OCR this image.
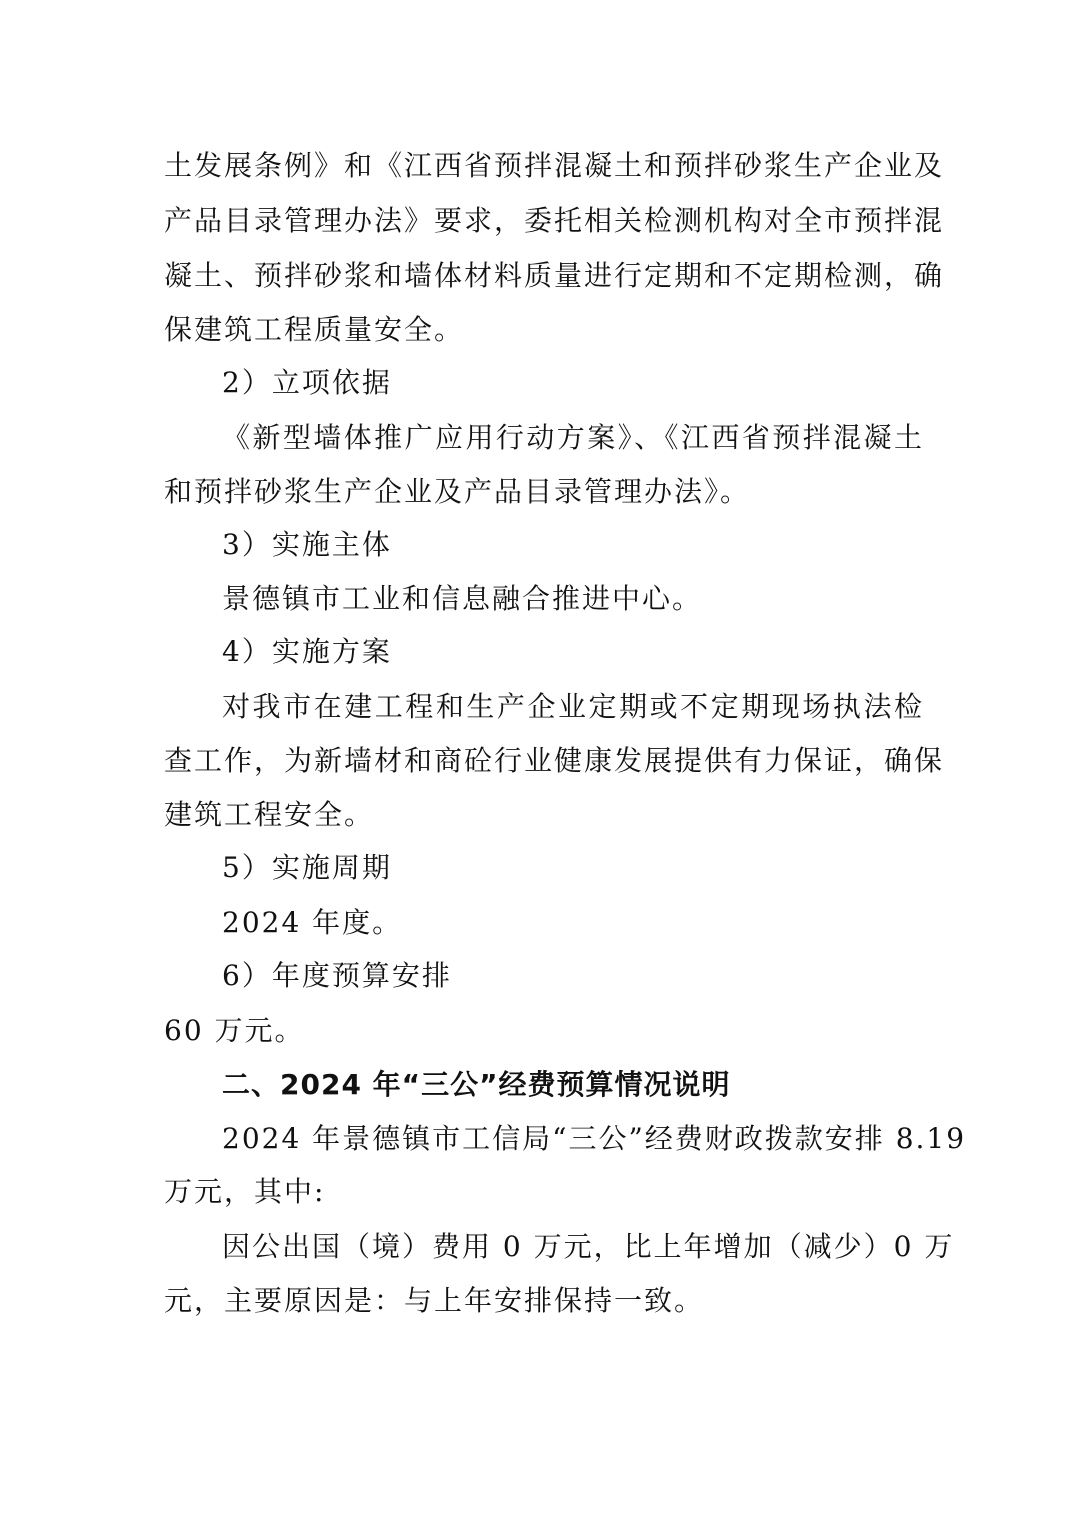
土发展条例》和《江西省预拌混凝土和预拌砂浆生产企业及
产品目录管理办法》要求，委托相关检测机构对全市预拌混
凝土、预拌砂浆和墙体材料质量进行定期和不定期检测，确
保建筑工程质量安全。
2）立项依据
《新型墙体推广应用行动方案》、《江西省预拌混凝土
和预拌砂浆生产企业及产品目录管理办法》。
3）实施主体
景德镇市工业和信息融合推进中心。
4）实施方案
对我市在建工程和生产企业定期或不定期现场执法检
查工作，为新墙材和商砼行业健康发展提供有力保证，确保
建筑工程安全。
5）实施周期
2024 年度。
6）年度预算安排
60 万元。
二、2024 年“三公”经费预算情况说明
2024 年景德镇市工信局“三公”经费财政拨款安排 8.19
万元，其中:
因公出国（境）费用 0 万元，比上年增加（减少）0 万
元，主要原因是：与上年安排保持一致。
